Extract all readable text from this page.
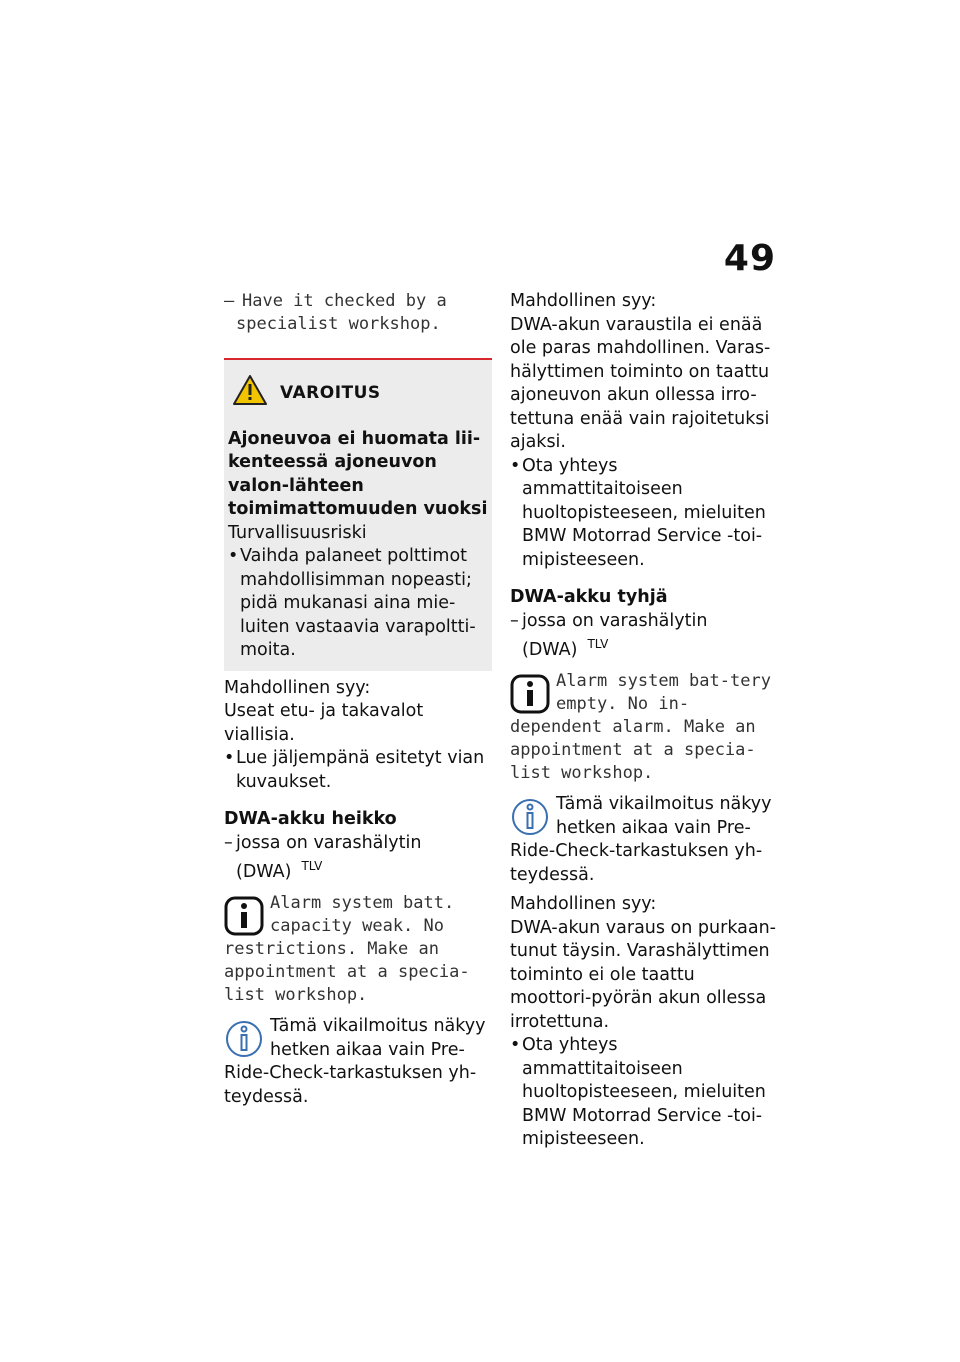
49
– Have it checked by a
specialist workshop.
VAROITUS

Ajoneuvoa ei huomata lii-kenteessä ajoneuvon valon-lähteen toimimattomuuden vuoksi

Turvallisuusriski

• Vaihda palaneet polttimot mahdollisimman nopeasti; pidä mukanasi aina mie-luiten vastaavia varapoltti-moita.

Mahdollinen syy:

Useat etu- ja takavalot viallisia.

• Lue jäljempänä esitetyt vian kuvaukset.

DWA-akku heikko

– jossa on varashälytin
(DWA) $^{TLV}$
Alarm system batt. capacity weak. No restrictions. Make an appointment at a specia-list workshop.

Tämä vikailmoitus näkyy hetken aikaa vain Pre-Ride-Check-tarkastuksen yh-teydessä.

Mahdollinen syy:

DWA-akun varaustila ei enää ole paras mahdollinen. Varas-hälyttimen toiminto on taattu ajoneuvon akun ollessa irro-tettuna enää vain rajoitetuksi ajaksi.

• Ota yhteys ammattitaitoiseen huoltopisteeseen, mieluiten BMW Motorrad Service -toi-mipisteeseen.

DWA-akku tyhjä

– jossa on varashälytin
(DWA) $^{TLV}$
Alarm system bat-tery empty. No in-dependent alarm. Make an appointment at a specia-list workshop.

Tämä vikailmoitus näkyy hetken aikaa vain Pre-Ride-Check-tarkastuksen yh-teydessä.

Mahdollinen syy:

DWA-akun varaus on purkaan-tunut täysin. Varashälyttimen toiminto ei ole taattu moottori-pyörän akun ollessa irrotettuna.

• Ota yhteys ammattitaitoiseen huoltopisteeseen, mieluiten BMW Motorrad Service -toi-mipisteeseen.
